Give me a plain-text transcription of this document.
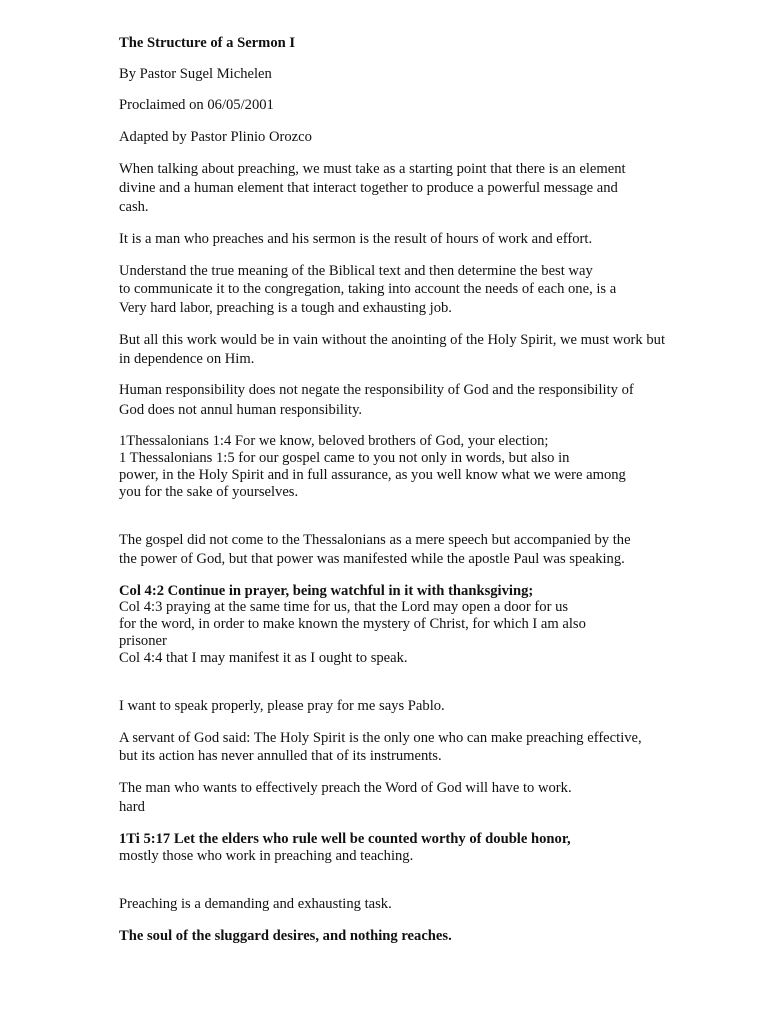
The Structure of a Sermon I

By Pastor Sugel Michelen

Proclaimed on 06/05/2001

Adapted by Pastor Plinio Orozco

When talking about preaching, we must take as a starting point that there is an element

divine and a human element that interact together to produce a powerful message and

cash.

It is a man who preaches and his sermon is the result of hours of work and effort.

Understand the true meaning of the Biblical text and then determine the best way

to communicate it to the congregation, taking into account the needs of each one, is a

Very hard labor, preaching is a tough and exhausting job.

But all this work would be in vain without the anointing of the Holy Spirit, we must work but

in dependence on Him.

Human responsibility does not negate the responsibility of God and the responsibility of

God does not annul human responsibility.

1Thessalonians 1:4 For we know, beloved brothers of God, your election;

1 Thessalonians 1:5 for our gospel came to you not only in words, but also in

power, in the Holy Spirit and in full assurance, as you well know what we were among

you for the sake of yourselves.

The gospel did not come to the Thessalonians as a mere speech but accompanied by the

the power of God, but that power was manifested while the apostle Paul was speaking.

Col 4:2 Continue in prayer, being watchful in it with thanksgiving;

Col 4:3 praying at the same time for us, that the Lord may open a door for us

for the word, in order to make known the mystery of Christ, for which I am also

prisoner

Col 4:4 that I may manifest it as I ought to speak.

I want to speak properly, please pray for me says Pablo.

A servant of God said: The Holy Spirit is the only one who can make preaching effective,

but its action has never annulled that of its instruments.

The man who wants to effectively preach the Word of God will have to work.

hard

1Ti 5:17 Let the elders who rule well be counted worthy of double honor,

mostly those who work in preaching and teaching.

Preaching is a demanding and exhausting task.

The soul of the sluggard desires, and nothing reaches.
